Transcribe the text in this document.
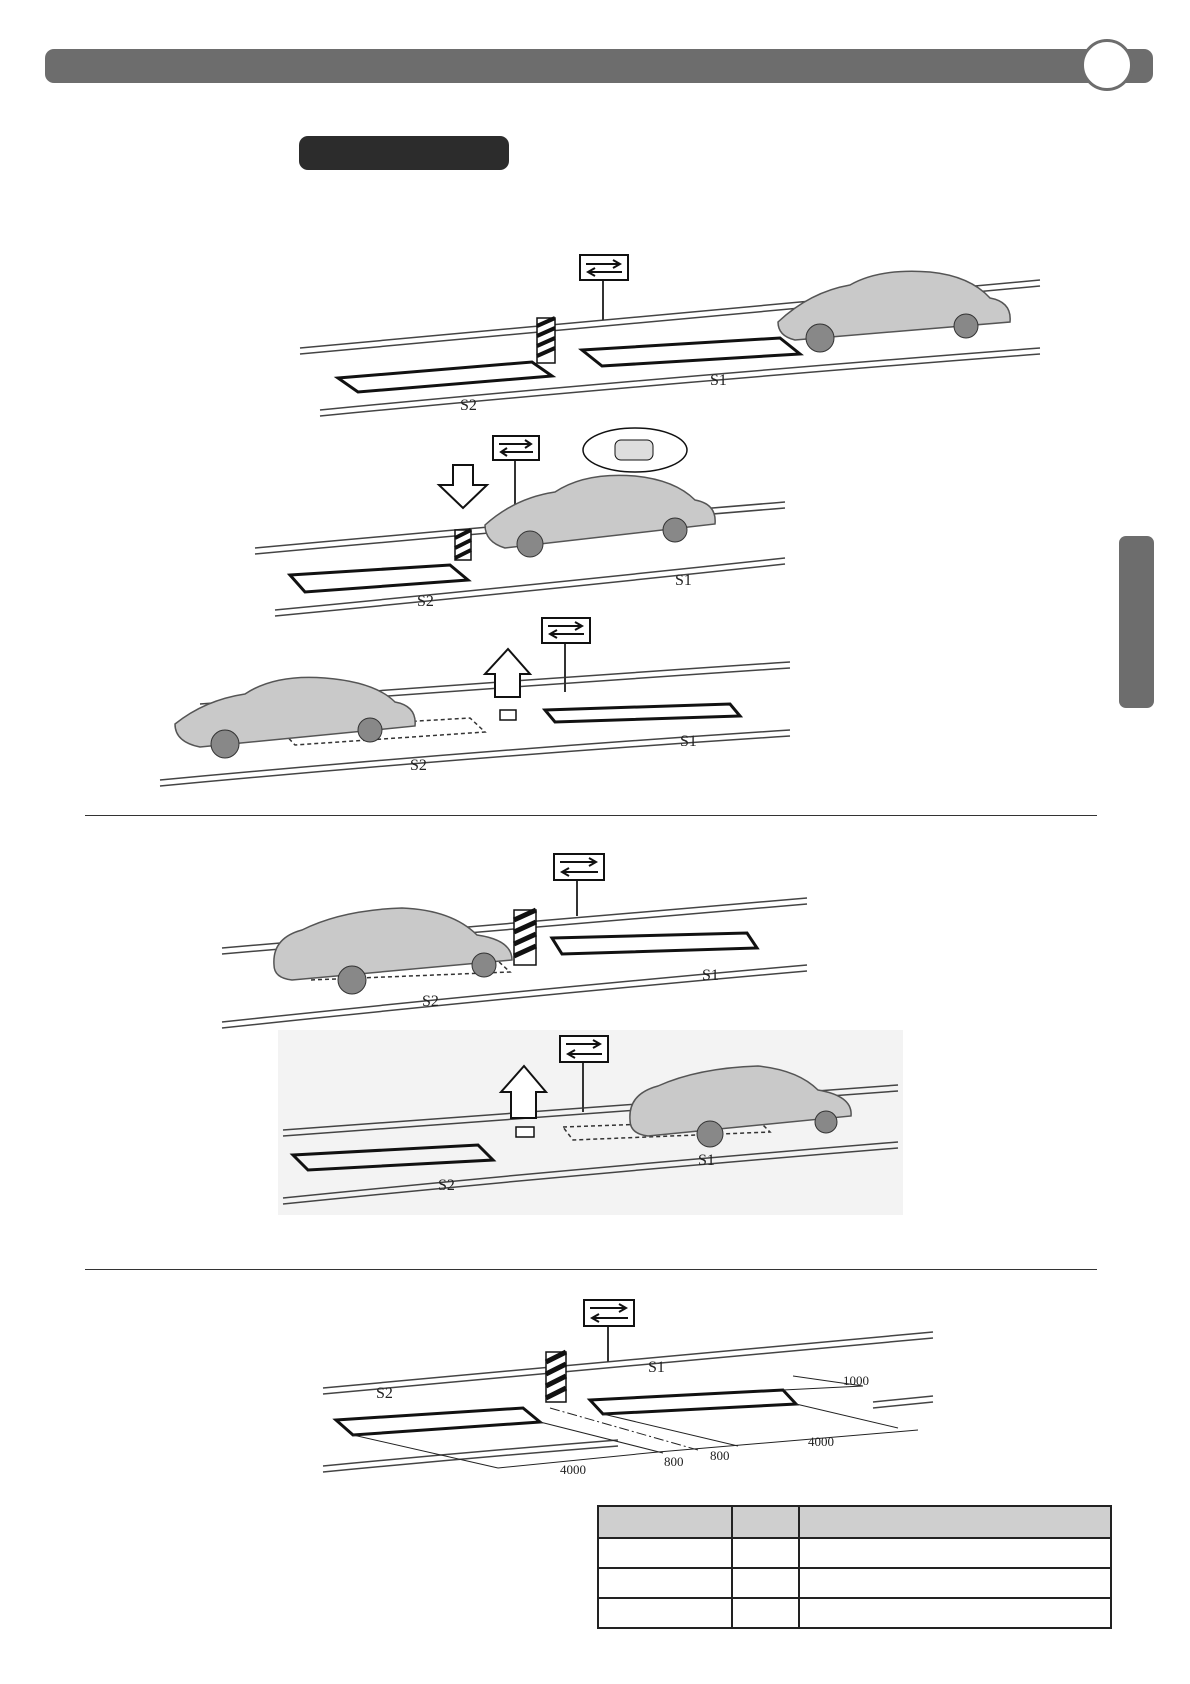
S1
S2
S1
S2
S1
S2
S1
S2
S1
S2
S1
S2
1000
4000
800
800
4000
